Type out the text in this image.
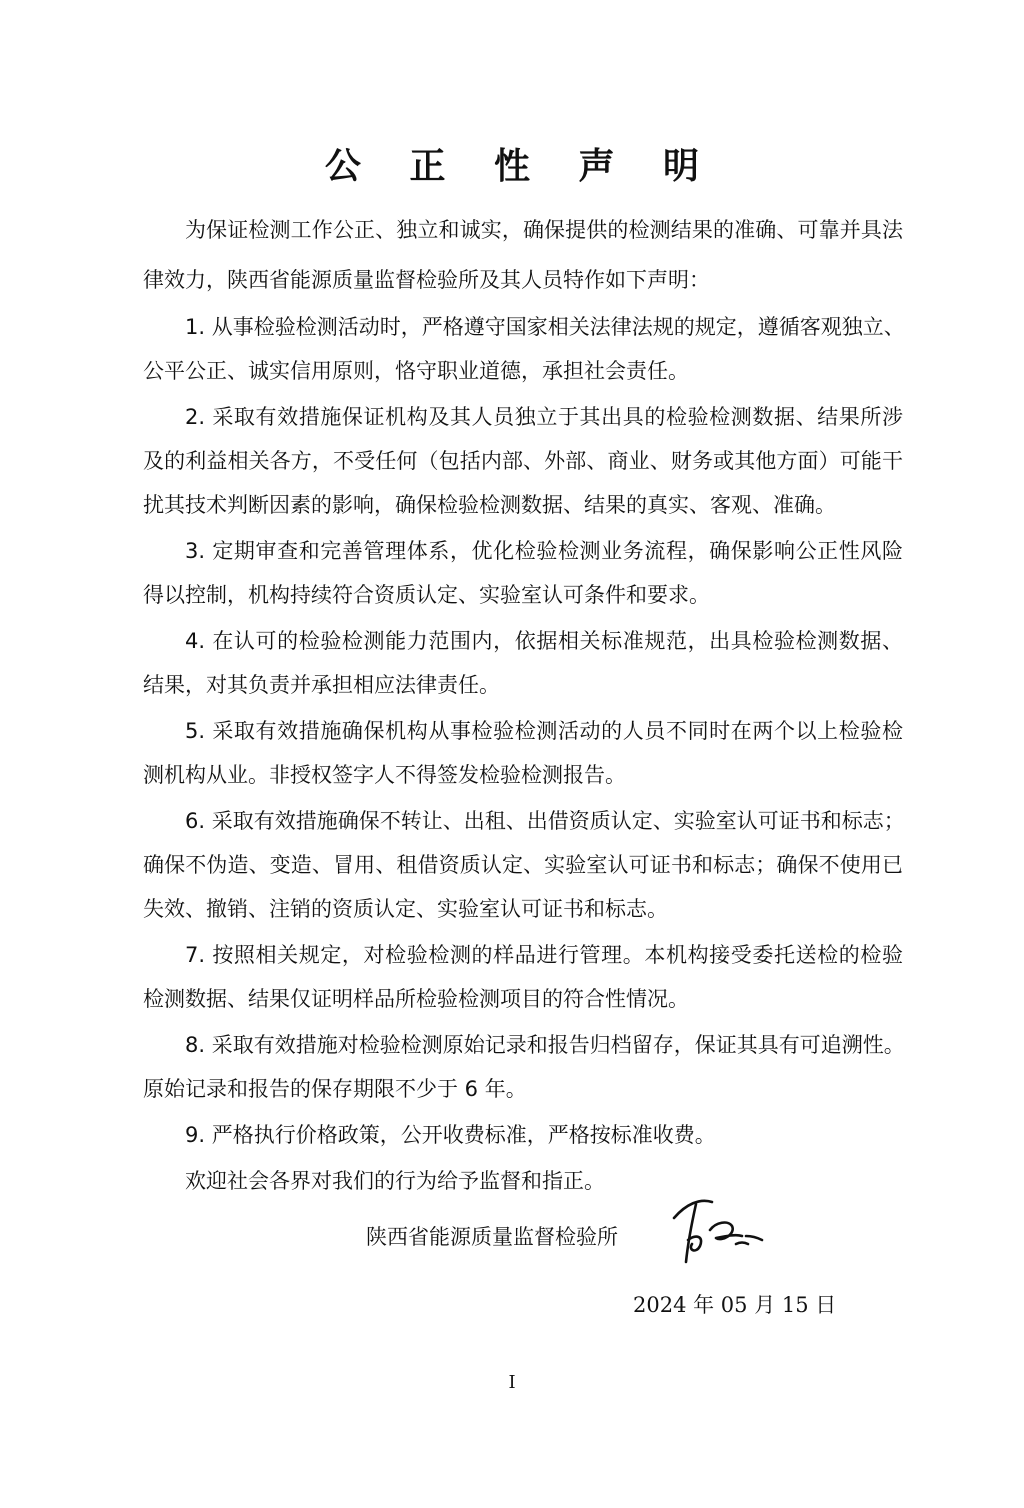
公 正 性 声 明
为保证检测工作公正、独立和诚实，确保提供的检测结果的准确、可靠并具法
律效力，陕西省能源质量监督检验所及其人员特作如下声明：
1. 从事检验检测活动时，严格遵守国家相关法律法规的规定，遵循客观独立、
公平公正、诚实信用原则，恪守职业道德，承担社会责任。
2. 采取有效措施保证机构及其人员独立于其出具的检验检测数据、结果所涉
及的利益相关各方，不受任何（包括内部、外部、商业、财务或其他方面）可能干
扰其技术判断因素的影响，确保检验检测数据、结果的真实、客观、准确。
3. 定期审查和完善管理体系，优化检验检测业务流程，确保影响公正性风险
得以控制，机构持续符合资质认定、实验室认可条件和要求。
4. 在认可的检验检测能力范围内，依据相关标准规范，出具检验检测数据、
结果，对其负责并承担相应法律责任。
5. 采取有效措施确保机构从事检验检测活动的人员不同时在两个以上检验检
测机构从业。非授权签字人不得签发检验检测报告。
6. 采取有效措施确保不转让、出租、出借资质认定、实验室认可证书和标志；
确保不伪造、变造、冒用、租借资质认定、实验室认可证书和标志；确保不使用已
失效、撤销、注销的资质认定、实验室认可证书和标志。
7. 按照相关规定，对检验检测的样品进行管理。本机构接受委托送检的检验
检测数据、结果仅证明样品所检验检测项目的符合性情况。
8. 采取有效措施对检验检测原始记录和报告归档留存，保证其具有可追溯性。
原始记录和报告的保存期限不少于 6 年。
9. 严格执行价格政策，公开收费标准，严格按标准收费。
欢迎社会各界对我们的行为给予监督和指正。
陕西省能源质量监督检验所
2024 年 05 月 15 日
I
